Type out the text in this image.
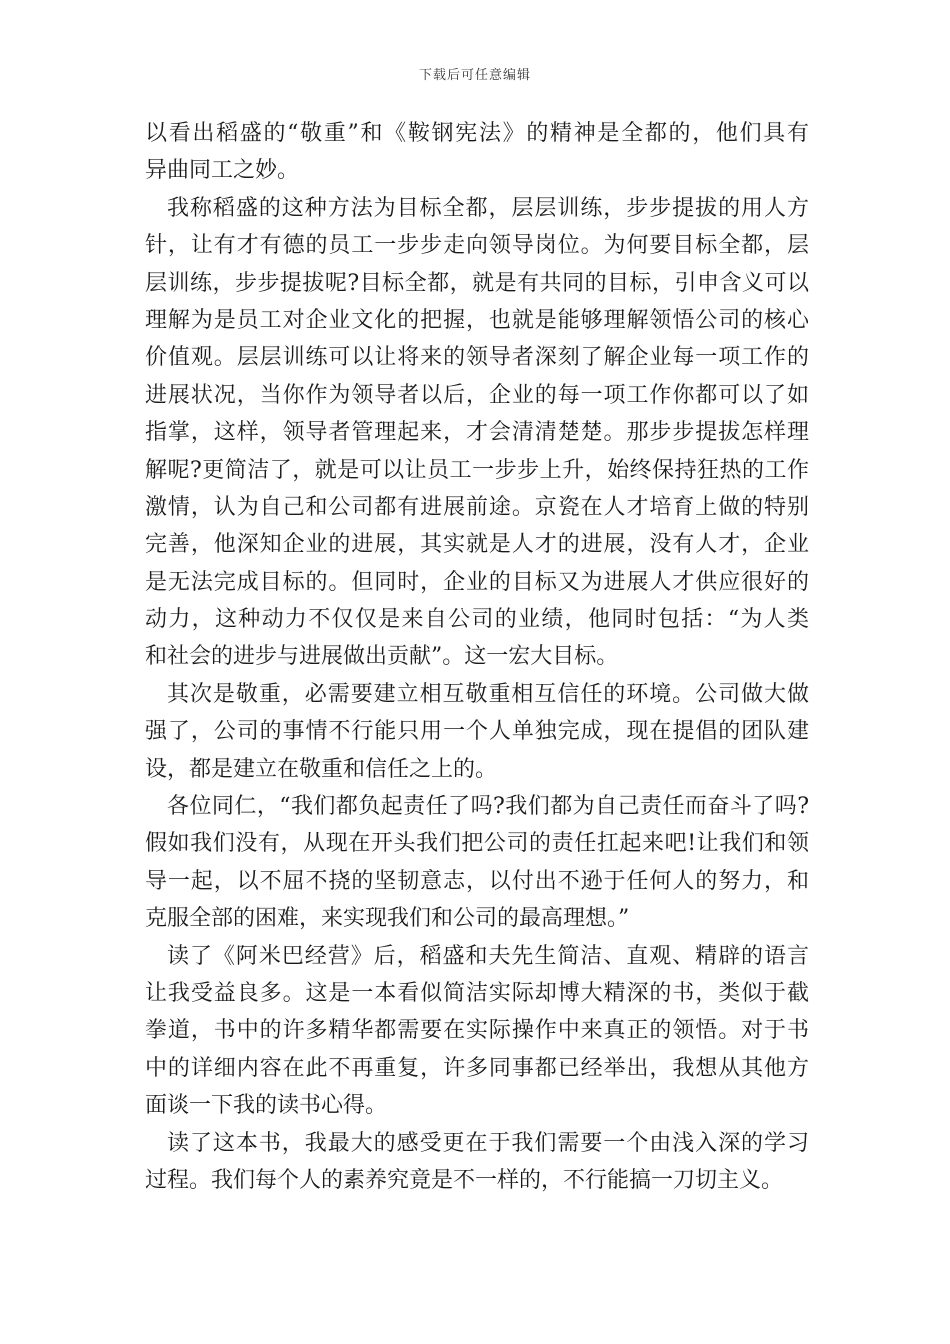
下载后可任意编辑
以看出稻盛的“敬重”和《鞍钢宪法》的精神是全都的，他们具有
异曲同工之妙。
我称稻盛的这种方法为目标全都，层层训练，步步提拔的用人方
针，让有才有德的员工一步步走向领导岗位。为何要目标全都，层
层训练，步步提拔呢?目标全都，就是有共同的目标，引申含义可以
理解为是员工对企业文化的把握，也就是能够理解领悟公司的核心
价值观。层层训练可以让将来的领导者深刻了解企业每一项工作的
进展状况，当你作为领导者以后，企业的每一项工作你都可以了如
指掌，这样，领导者管理起来，才会清清楚楚。那步步提拔怎样理
解呢?更简洁了，就是可以让员工一步步上升，始终保持狂热的工作
激情，认为自己和公司都有进展前途。京瓷在人才培育上做的特别
完善，他深知企业的进展，其实就是人才的进展，没有人才，企业
是无法完成目标的。但同时，企业的目标又为进展人才供应很好的
动力，这种动力不仅仅是来自公司的业绩，他同时包括：“为人类
和社会的进步与进展做出贡献”。这一宏大目标。
其次是敬重，必需要建立相互敬重相互信任的环境。公司做大做
强了，公司的事情不行能只用一个人单独完成，现在提倡的团队建
设，都是建立在敬重和信任之上的。
各位同仁，“我们都负起责任了吗?我们都为自己责任而奋斗了吗?
假如我们没有，从现在开头我们把公司的责任扛起来吧!让我们和领
导一起，以不屈不挠的坚韧意志，以付出不逊于任何人的努力，和
克服全部的困难，来实现我们和公司的最高理想。”
读了《阿米巴经营》后，稻盛和夫先生简洁、直观、精辟的语言
让我受益良多。这是一本看似简洁实际却博大精深的书，类似于截
拳道，书中的许多精华都需要在实际操作中来真正的领悟。对于书
中的详细内容在此不再重复，许多同事都已经举出，我想从其他方
面谈一下我的读书心得。
读了这本书，我最大的感受更在于我们需要一个由浅入深的学习
过程。我们每个人的素养究竟是不一样的，不行能搞一刀切主义。
